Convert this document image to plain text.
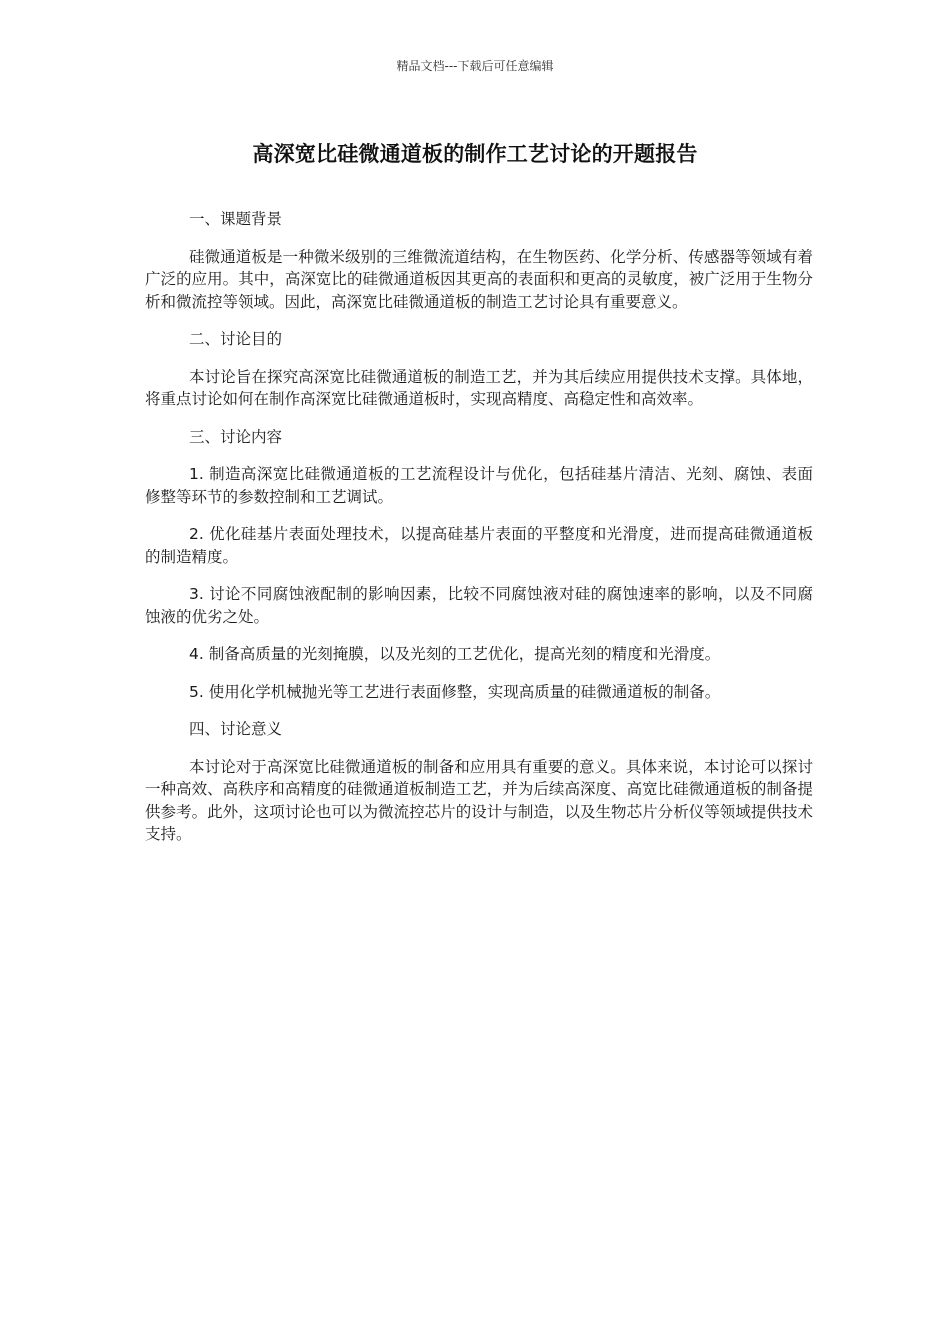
精品文档---下载后可任意编辑
高深宽比硅微通道板的制作工艺讨论的开题报告

一、课题背景

硅微通道板是一种微米级别的三维微流道结构，在生物医药、化学分析、传感器等领域有着广泛的应用。其中，高深宽比的硅微通道板因其更高的表面积和更高的灵敏度，被广泛用于生物分析和微流控等领域。因此，高深宽比硅微通道板的制造工艺讨论具有重要意义。

二、讨论目的

本讨论旨在探究高深宽比硅微通道板的制造工艺，并为其后续应用提供技术支撑。具体地，将重点讨论如何在制作高深宽比硅微通道板时，实现高精度、高稳定性和高效率。

三、讨论内容

1. 制造高深宽比硅微通道板的工艺流程设计与优化，包括硅基片清洁、光刻、腐蚀、表面修整等环节的参数控制和工艺调试。

2. 优化硅基片表面处理技术，以提高硅基片表面的平整度和光滑度，进而提高硅微通道板的制造精度。

3. 讨论不同腐蚀液配制的影响因素，比较不同腐蚀液对硅的腐蚀速率的影响，以及不同腐蚀液的优劣之处。

4. 制备高质量的光刻掩膜，以及光刻的工艺优化，提高光刻的精度和光滑度。

5. 使用化学机械抛光等工艺进行表面修整，实现高质量的硅微通道板的制备。

四、讨论意义

本讨论对于高深宽比硅微通道板的制备和应用具有重要的意义。具体来说，本讨论可以探讨一种高效、高秩序和高精度的硅微通道板制造工艺，并为后续高深度、高宽比硅微通道板的制备提供参考。此外，这项讨论也可以为微流控芯片的设计与制造，以及生物芯片分析仪等领域提供技术支持。
